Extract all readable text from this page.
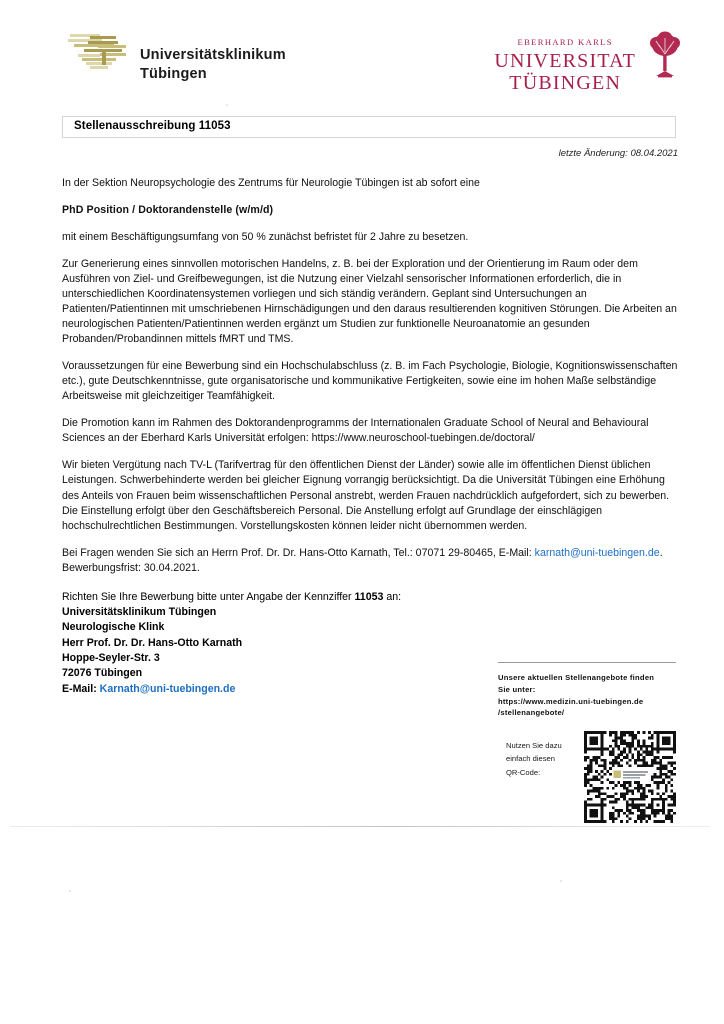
Universitätsklinikum
Tübingen
EBERHARD KARLS
UNIVERSITAT
TÜBINGEN
Stellenausschreibung 11053
letzte Änderung: 08.04.2021

In der Sektion Neuropsychologie des Zentrums für Neurologie Tübingen ist ab sofort eine

PhD Position / Doktorandenstelle (w/m/d)

mit einem Beschäftigungsumfang von 50 % zunächst befristet für 2 Jahre zu besetzen.

Zur Generierung eines sinnvollen motorischen Handelns, z. B. bei der Exploration und der Orientierung im Raum oder dem Ausführen von Ziel- und Greifbewegungen, ist die Nutzung einer Vielzahl sensorischer Informationen erforderlich, die in unterschiedlichen Koordinatensystemen vorliegen und sich ständig verändern. Geplant sind Untersuchungen an Patienten/Patientinnen mit umschriebenen Hirnschädigungen und den daraus resultierenden kognitiven Störungen. Die Arbeiten an neurologischen Patienten/Patientinnen werden ergänzt um Studien zur funktionelle Neuroanatomie an gesunden Probanden/Probandinnen mittels fMRT und TMS.

Voraussetzungen für eine Bewerbung sind ein Hochschulabschluss (z. B. im Fach Psychologie, Biologie, Kognitionswissenschaften etc.), gute Deutschkenntnisse, gute organisatorische und kommunikative Fertigkeiten, sowie eine im hohen Maße selbständige Arbeitsweise mit gleichzeitiger Teamfähigkeit.

Die Promotion kann im Rahmen des Doktorandenprogramms der Internationalen Graduate School of Neural and Behavioural Sciences an der Eberhard Karls Universität erfolgen: https://www.neuroschool-tuebingen.de/doctoral/

Wir bieten Vergütung nach TV-L (Tarifvertrag für den öffentlichen Dienst der Länder) sowie alle im öffentlichen Dienst üblichen Leistungen. Schwerbehinderte werden bei gleicher Eignung vorrangig berücksichtigt. Da die Universität Tübingen eine Erhöhung des Anteils von Frauen beim wissenschaftlichen Personal anstrebt, werden Frauen nachdrücklich aufgefordert, sich zu bewerben. Die Einstellung erfolgt über den Geschäftsbereich Personal. Die Anstellung erfolgt auf Grundlage der einschlägigen hochschulrechtlichen Bestimmungen. Vorstellungskosten können leider nicht übernommen werden.

Bei Fragen wenden Sie sich an Herrn Prof. Dr. Dr. Hans-Otto Karnath, Tel.: 07071 29-80465, E-Mail: karnath@uni-tuebingen.de.
Bewerbungsfrist: 30.04.2021.

Richten Sie Ihre Bewerbung bitte unter Angabe der Kennziffer 11053 an:

Universitätsklinikum Tübingen
Neurologische Klink
Herr Prof. Dr. Dr. Hans-Otto Karnath
Hoppe-Seyler-Str. 3
72076 Tübingen
E-Mail: Karnath@uni-tuebingen.de

Unsere aktuellen Stellenangebote finden
Sie unter:
https://www.medizin.uni-tuebingen.de
/stellenangebote/

Nutzen Sie dazu
einfach diesen
QR-Code:
